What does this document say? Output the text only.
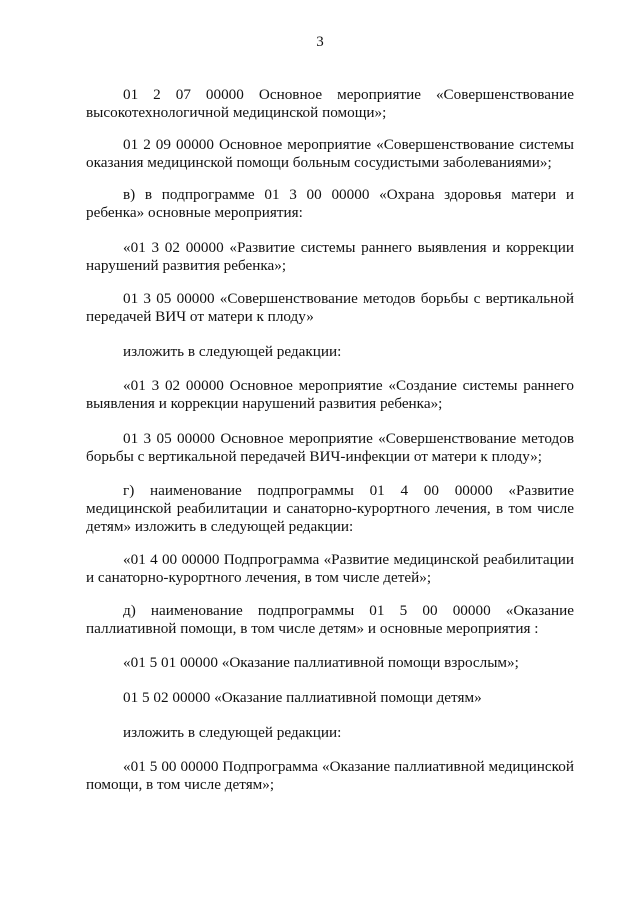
3

01 2 07 00000 Основное мероприятие «Совершенствование высокотехнологичной медицинской помощи»;

01 2 09 00000 Основное мероприятие «Совершенствование системы оказания медицинской помощи больным сосудистыми заболеваниями»;

в) в подпрограмме 01 3 00 00000 «Охрана здоровья матери и ребенка» основные мероприятия:

«01 3 02 00000 «Развитие системы раннего выявления и коррекции нарушений развития ребенка»;

01 3 05 00000 «Совершенствование методов борьбы с вертикальной передачей ВИЧ от матери к плоду»

изложить в следующей редакции:

«01 3 02 00000 Основное мероприятие «Создание системы раннего выявления и коррекции нарушений развития ребенка»;

01 3 05 00000 Основное мероприятие «Совершенствование методов борьбы с вертикальной передачей ВИЧ-инфекции от матери к плоду»;

г) наименование подпрограммы 01 4 00 00000 «Развитие медицинской реабилитации и санаторно-курортного лечения, в том числе детям» изложить в следующей редакции:

«01 4 00 00000 Подпрограмма «Развитие медицинской реабилитации и санаторно-курортного лечения, в том числе детей»;

д) наименование подпрограммы 01 5 00 00000 «Оказание паллиативной помощи, в том числе детям» и основные мероприятия :

«01 5 01 00000 «Оказание паллиативной помощи взрослым»;

01 5 02 00000 «Оказание паллиативной помощи детям»

изложить в следующей редакции:

«01 5 00 00000 Подпрограмма «Оказание паллиативной медицинской помощи, в том числе детям»;
